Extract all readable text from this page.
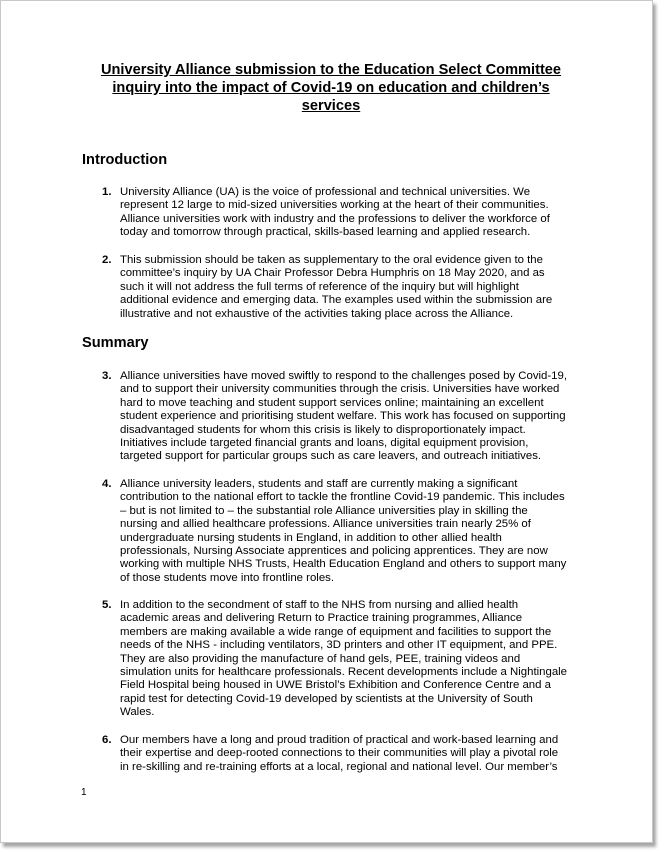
University Alliance submission to the Education Select Committee
inquiry into the impact of Covid-19 on education and children’s
services
Introduction
1. University Alliance (UA) is the voice of professional and technical universities. We
represent 12 large to mid-sized universities working at the heart of their communities.
Alliance universities work with industry and the professions to deliver the workforce of
today and tomorrow through practical, skills-based learning and applied research.
2. This submission should be taken as supplementary to the oral evidence given to the
committee’s inquiry by UA Chair Professor Debra Humphris on 18 May 2020, and as
such it will not address the full terms of reference of the inquiry but will highlight
additional evidence and emerging data. The examples used within the submission are
illustrative and not exhaustive of the activities taking place across the Alliance.
Summary
3. Alliance universities have moved swiftly to respond to the challenges posed by Covid-19,
and to support their university communities through the crisis. Universities have worked
hard to move teaching and student support services online; maintaining an excellent
student experience and prioritising student welfare. This work has focused on supporting
disadvantaged students for whom this crisis is likely to disproportionately impact.
Initiatives include targeted financial grants and loans, digital equipment provision,
targeted support for particular groups such as care leavers, and outreach initiatives.
4. Alliance university leaders, students and staff are currently making a significant
contribution to the national effort to tackle the frontline Covid-19 pandemic. This includes
– but is not limited to – the substantial role Alliance universities play in skilling the
nursing and allied healthcare professions. Alliance universities train nearly 25% of
undergraduate nursing students in England, in addition to other allied health
professionals, Nursing Associate apprentices and policing apprentices. They are now
working with multiple NHS Trusts, Health Education England and others to support many
of those students move into frontline roles.
5. In addition to the secondment of staff to the NHS from nursing and allied health
academic areas and delivering Return to Practice training programmes, Alliance
members are making available a wide range of equipment and facilities to support the
needs of the NHS - including ventilators, 3D printers and other IT equipment, and PPE.
They are also providing the manufacture of hand gels, PEE, training videos and
simulation units for healthcare professionals. Recent developments include a Nightingale
Field Hospital being housed in UWE Bristol’s Exhibition and Conference Centre and a
rapid test for detecting Covid-19 developed by scientists at the University of South
Wales.
6. Our members have a long and proud tradition of practical and work-based learning and
their expertise and deep-rooted connections to their communities will play a pivotal role
in re-skilling and re-training efforts at a local, regional and national level. Our member’s
1
